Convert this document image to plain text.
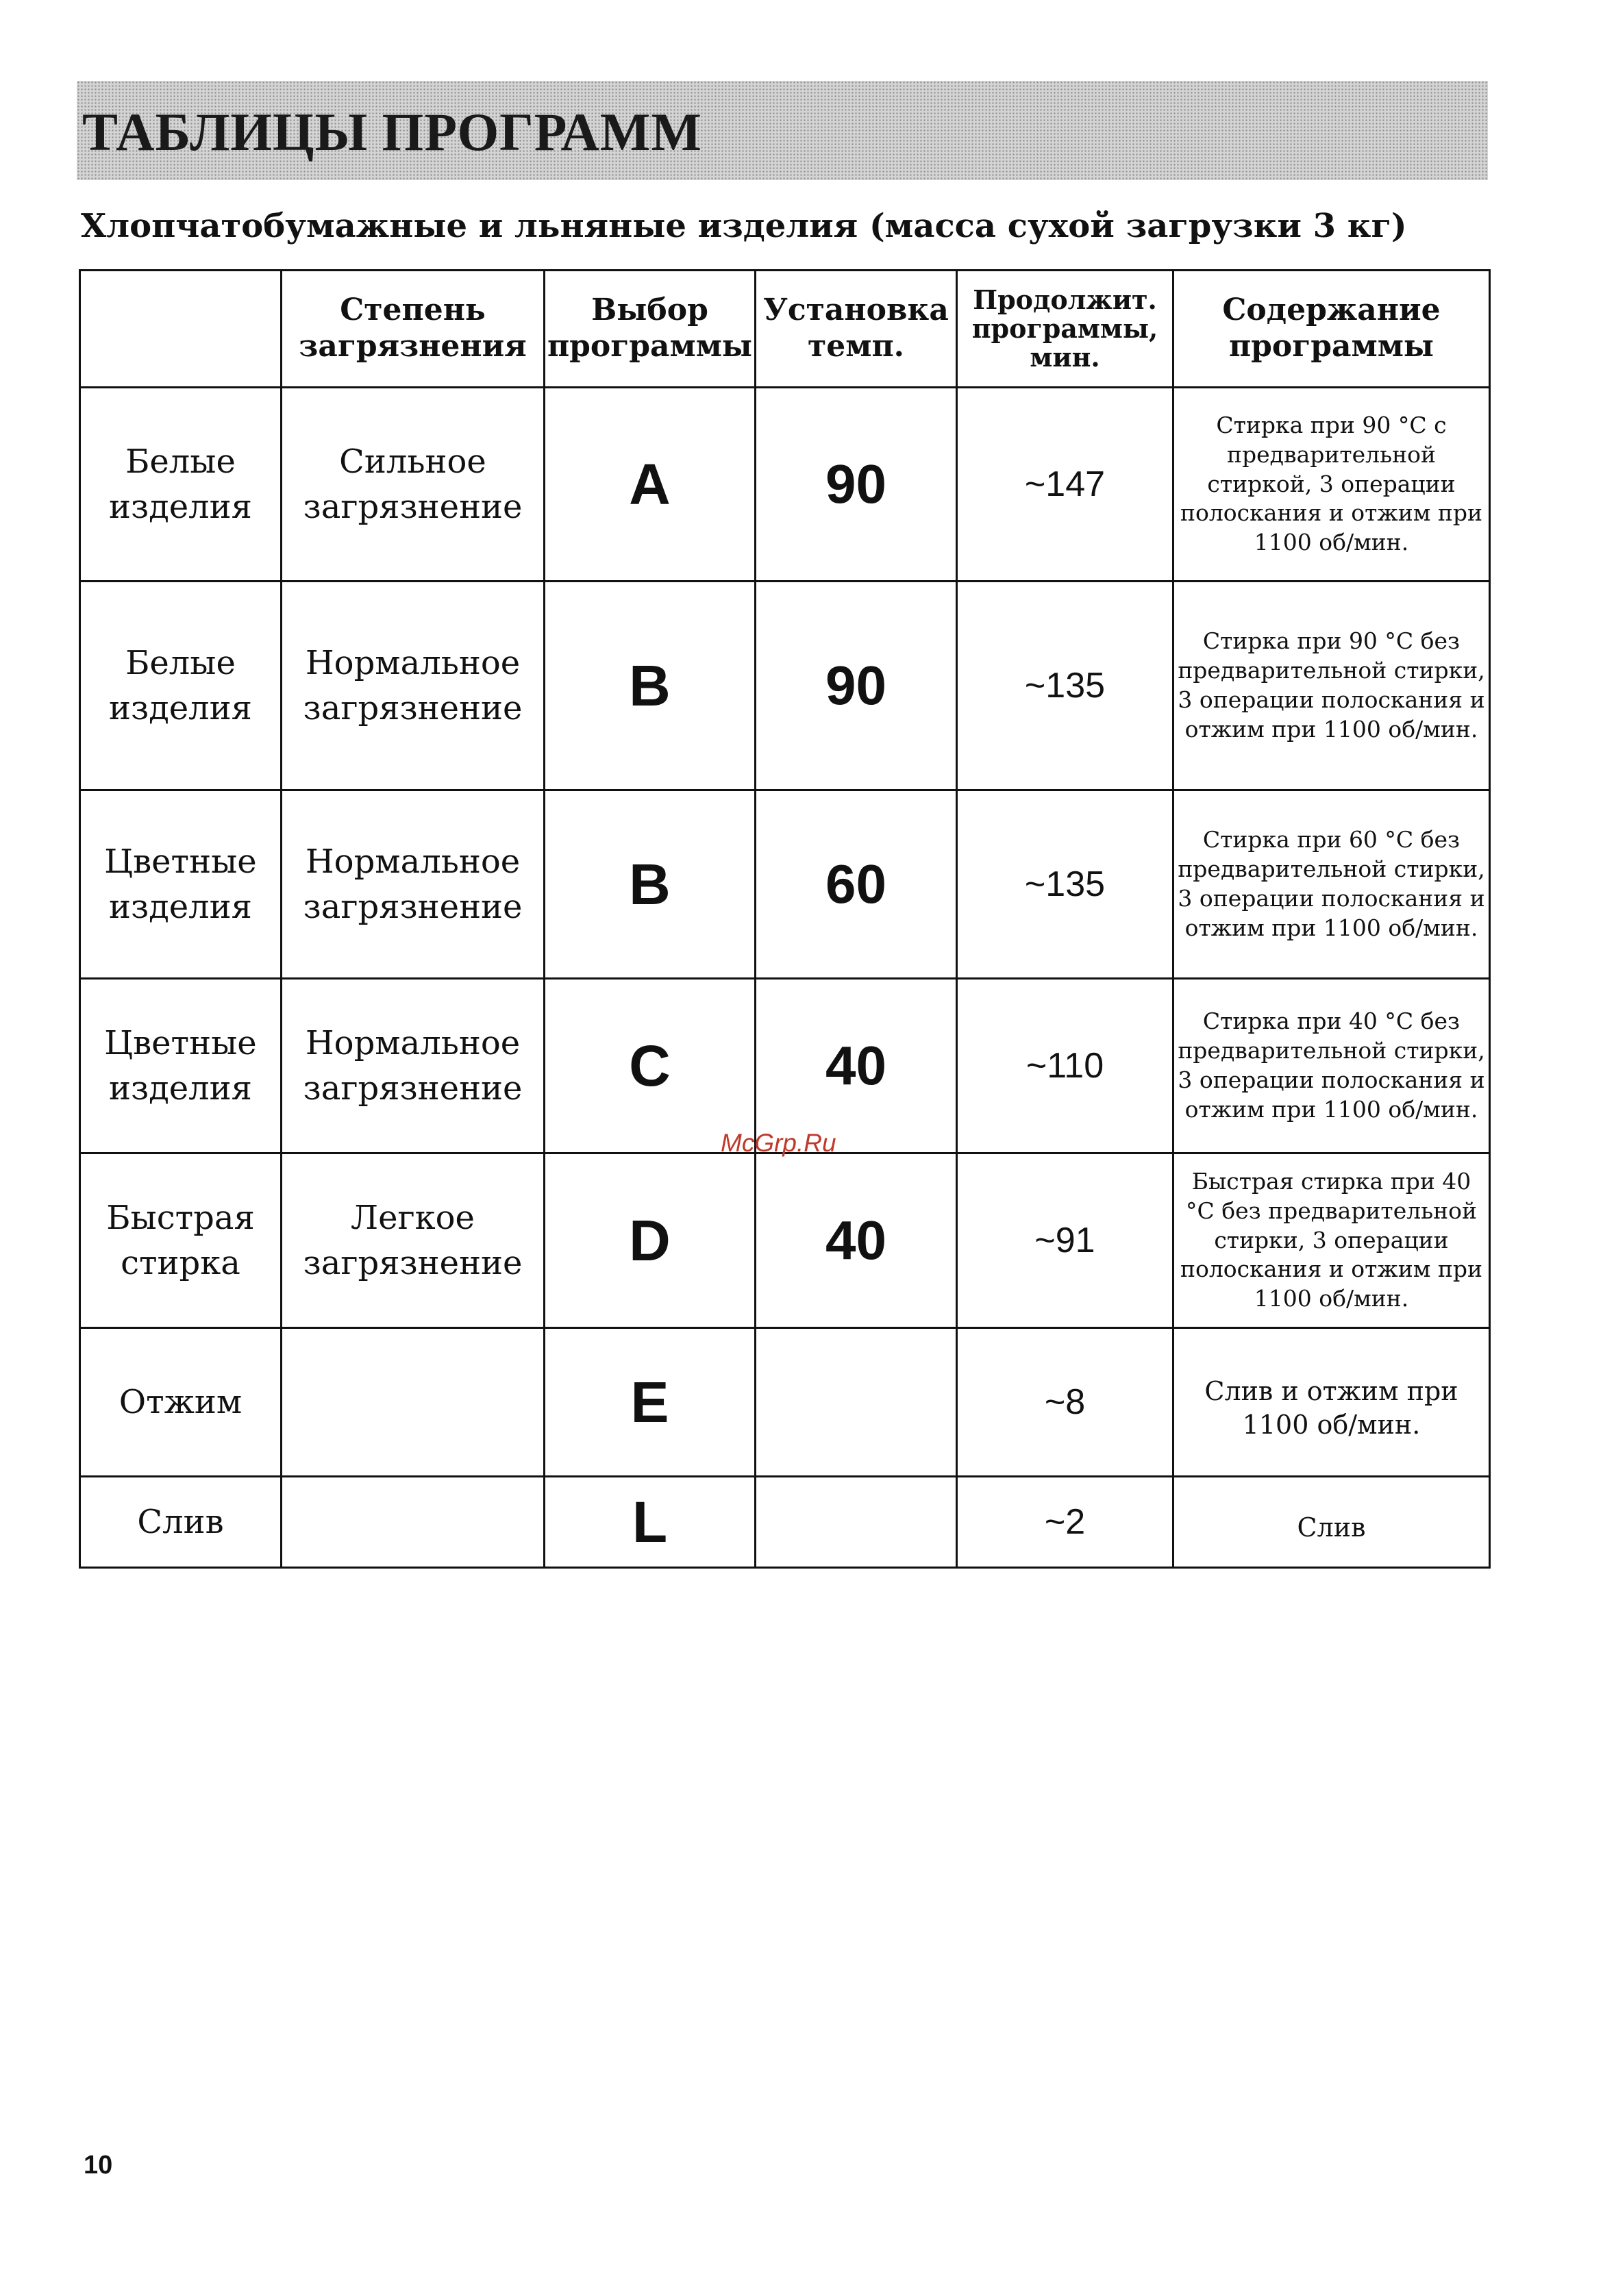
ТАБЛИЦЫ ПРОГРАММ
Хлопчатобумажные и льняные изделия (масса сухой загрузки 3 кг)
	Степень загрязнения	Выбор программы	Установка темп.	Продолжит. программы, мин.	Содержание программы
Белые изделия	Сильное загрязнение	A	90	~147	Стирка при 90 °С с предварительной стиркой, 3 операции полоскания и отжим при 1100 об/мин.
Белые изделия	Нормальное загрязнение	B	90	~135	Стирка при 90 °С без предварительной стирки, 3 операции полоскания и отжим при 1100 об/мин.
Цветные изделия	Нормальное загрязнение	B	60	~135	Стирка при 60 °С без предварительной стирки, 3 операции полоскания и отжим при 1100 об/мин.
Цветные изделия	Нормальное загрязнение	C	40	~110	Стирка при 40 °С без предварительной стирки, 3 операции полоскания и отжим при 1100 об/мин.
Быстрая стирка	Легкое загрязнение	D	40	~91	Быстрая стирка при 40 °С без предварительной стирки, 3 операции полоскания и отжим при 1100 об/мин.
Отжим		E		~8	Слив и отжим при 1100 об/мин.
Слив		L		~2	Слив
McGrp.Ru
10
